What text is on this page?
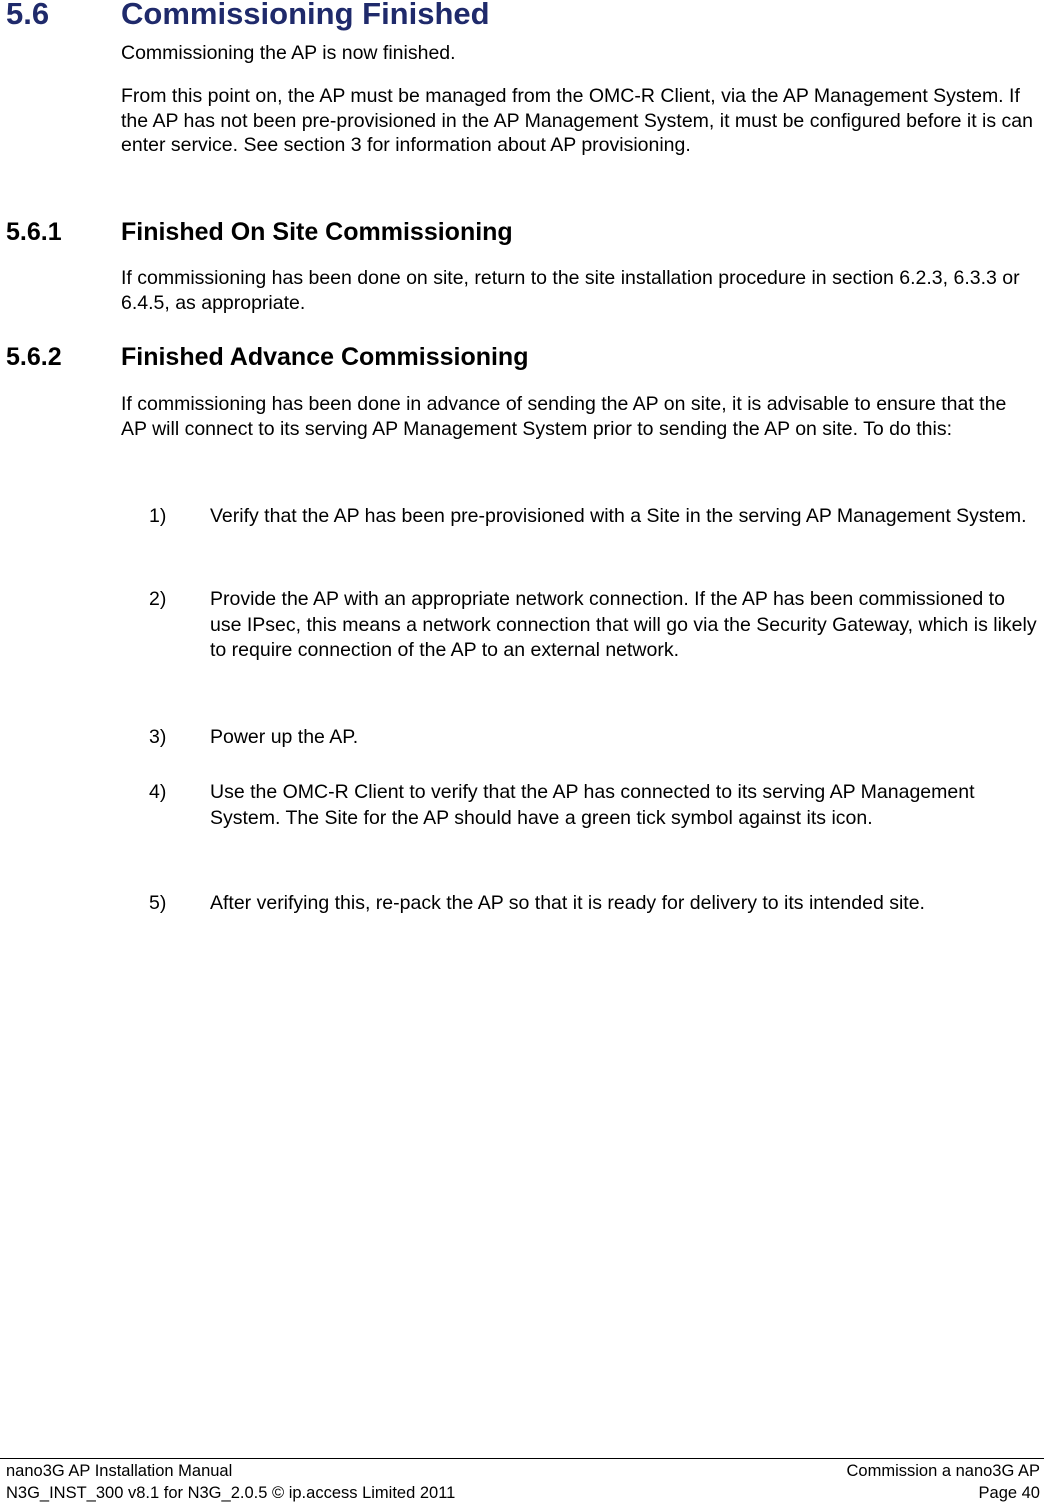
5.6 Commissioning Finished

Commissioning the AP is now finished.

From this point on, the AP must be managed from the OMC-R Client, via the AP Management System. If the AP has not been pre-provisioned in the AP Management System, it must be configured before it is can enter service. See section 3 for information about AP provisioning.

5.6.1 Finished On Site Commissioning

If commissioning has been done on site, return to the site installation procedure in section 6.2.3, 6.3.3 or 6.4.5, as appropriate.

5.6.2 Finished Advance Commissioning

If commissioning has been done in advance of sending the AP on site, it is advisable to ensure that the AP will connect to its serving AP Management System prior to sending the AP on site. To do this:

1) Verify that the AP has been pre-provisioned with a Site in the serving AP Management System.
2) Provide the AP with an appropriate network connection. If the AP has been commissioned to use IPsec, this means a network connection that will go via the Security Gateway, which is likely to require connection of the AP to an external network.
3) Power up the AP.
4) Use the OMC-R Client to verify that the AP has connected to its serving AP Management System. The Site for the AP should have a green tick symbol against its icon.
5) After verifying this, re-pack the AP so that it is ready for delivery to its intended site.
nano3G AP Installation Manual	Commission a nano3G AP
N3G_INST_300 v8.1 for N3G_2.0.5 © ip.access Limited 2011	Page 40
